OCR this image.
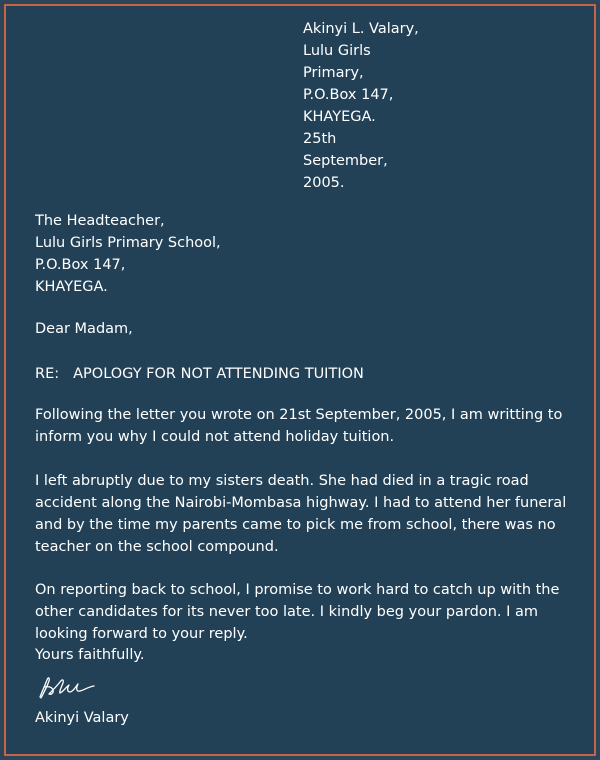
Akinyi L. Valary,
Lulu Girls
Primary,
P.O.Box 147,
KHAYEGA.
25th
September,
2005.
The Headteacher,
Lulu Girls Primary School,
P.O.Box 147,
KHAYEGA.
Dear Madam,
RE: APOLOGY FOR NOT ATTENDING TUITION

Following the letter you wrote on 21st September, 2005, I am writting to inform you why I could not attend holiday tuition.

I left abruptly due to my sisters death. She had died in a tragic road accident along the Nairobi-Mombasa highway. I had to attend her funeral and by the time my parents came to pick me from school, there was no teacher on the school compound.

On reporting back to school, I promise to work hard to catch up with the other candidates for its never too late. I kindly beg your pardon. I am looking forward to your reply.

Yours faithfully.
Akinyi Valary
